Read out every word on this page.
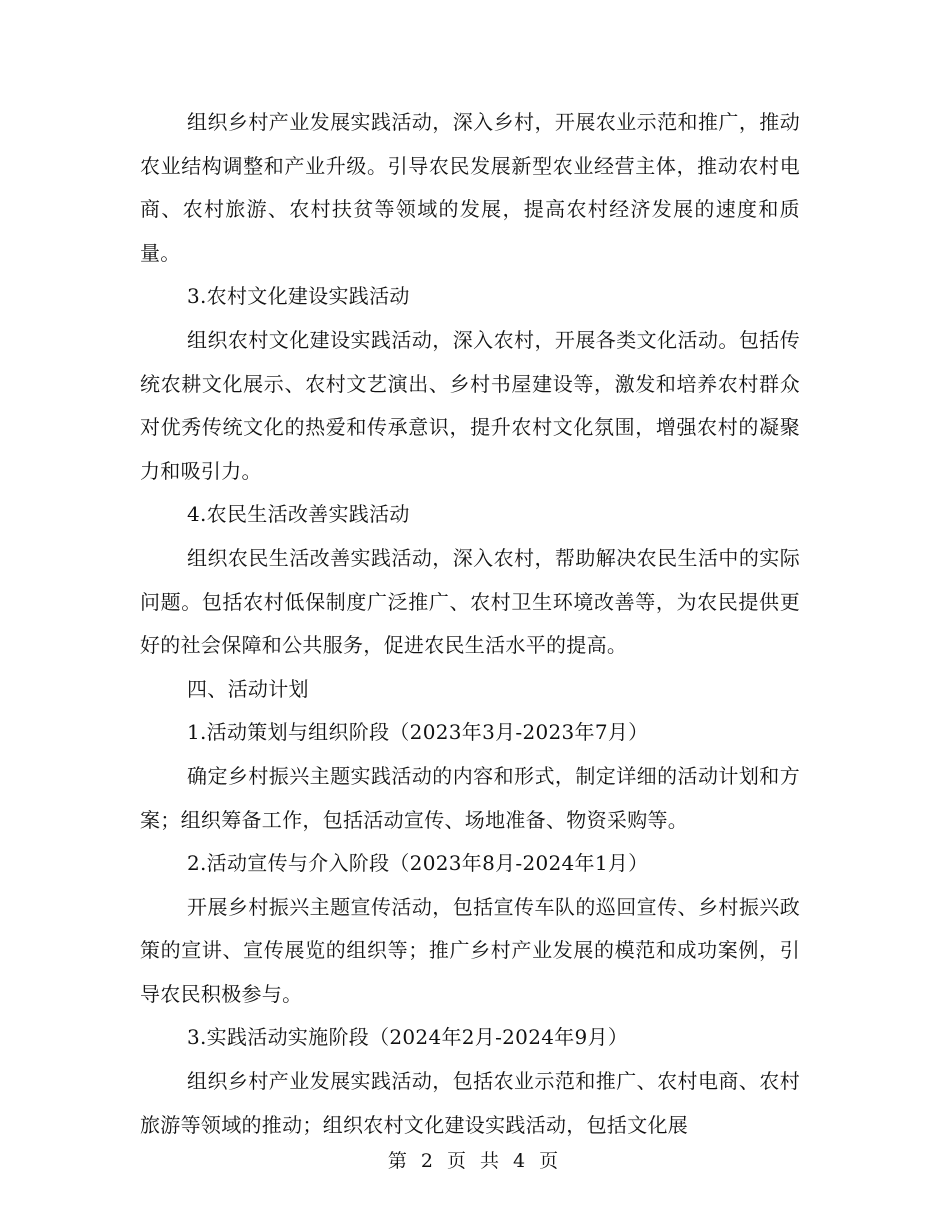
组织乡村产业发展实践活动，深入乡村，开展农业示范和推广，推动农业结构调整和产业升级。引导农民发展新型农业经营主体，推动农村电商、农村旅游、农村扶贫等领域的发展，提高农村经济发展的速度和质量。

3.农村文化建设实践活动

组织农村文化建设实践活动，深入农村，开展各类文化活动。包括传统农耕文化展示、农村文艺演出、乡村书屋建设等，激发和培养农村群众对优秀传统文化的热爱和传承意识，提升农村文化氛围，增强农村的凝聚力和吸引力。

4.农民生活改善实践活动

组织农民生活改善实践活动，深入农村，帮助解决农民生活中的实际问题。包括农村低保制度广泛推广、农村卫生环境改善等，为农民提供更好的社会保障和公共服务，促进农民生活水平的提高。

四、活动计划

1.活动策划与组织阶段（2023年3月-2023年7月）

确定乡村振兴主题实践活动的内容和形式，制定详细的活动计划和方案；组织筹备工作，包括活动宣传、场地准备、物资采购等。

2.活动宣传与介入阶段（2023年8月-2024年1月）

开展乡村振兴主题宣传活动，包括宣传车队的巡回宣传、乡村振兴政策的宣讲、宣传展览的组织等；推广乡村产业发展的模范和成功案例，引导农民积极参与。

3.实践活动实施阶段（2024年2月-2024年9月）

组织乡村产业发展实践活动，包括农业示范和推广、农村电商、农村旅游等领域的推动；组织农村文化建设实践活动，包括文化展

第 2 页 共 4 页
